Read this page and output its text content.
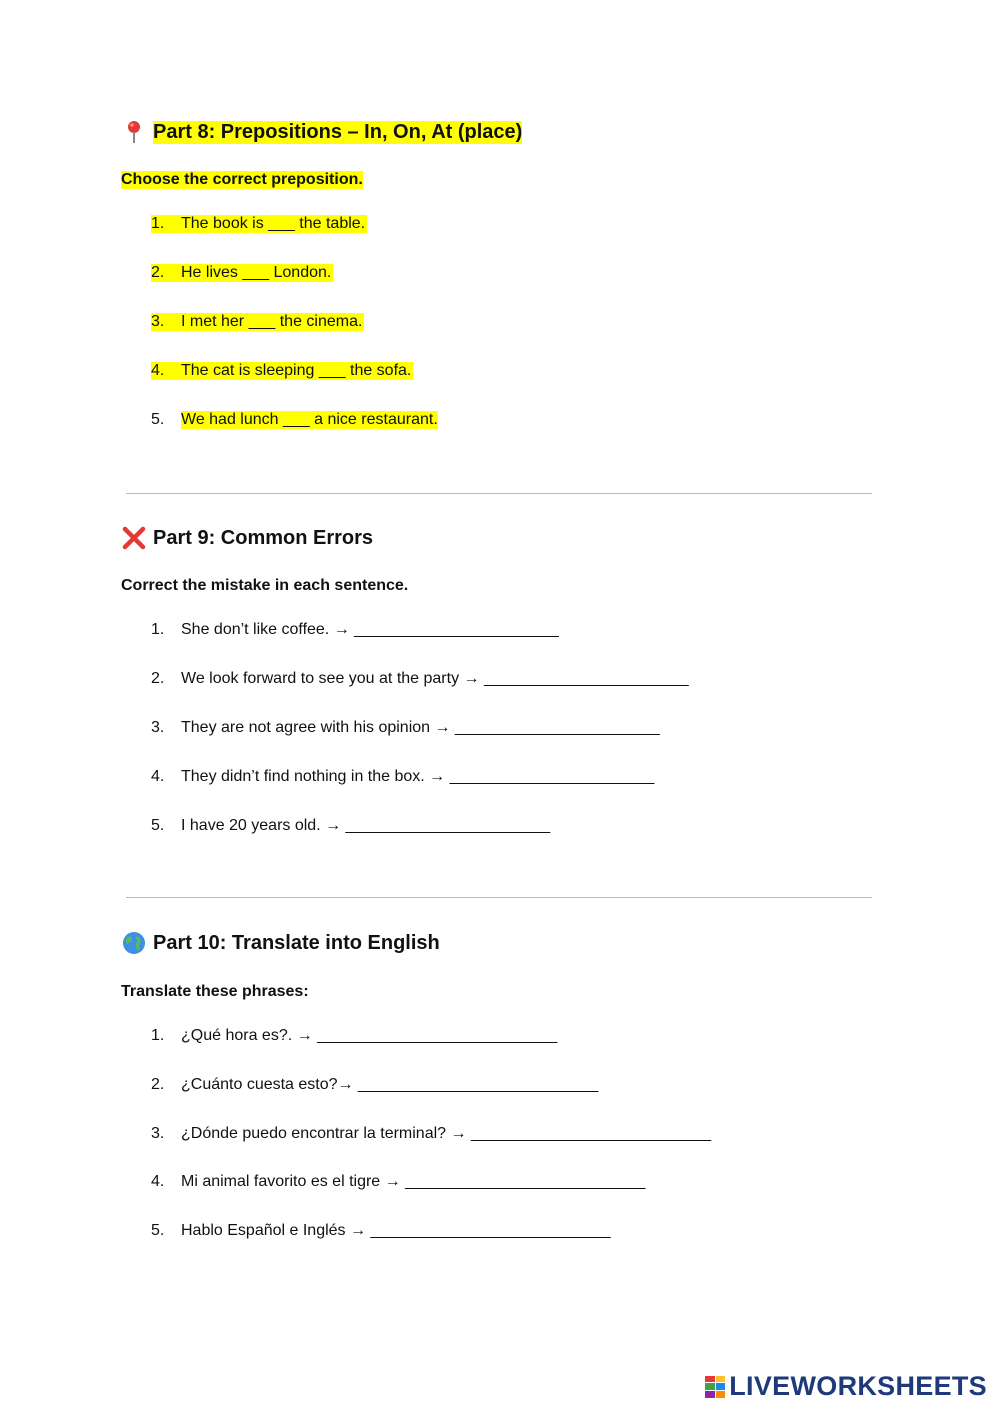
Part 8: Prepositions – In, On, At (place)
Choose the correct preposition.
1.	The book is ___ the table.
2.	He lives ___ London.
3.	I met her ___ the cinema.
4.	The cat is sleeping ___ the sofa.
5.	We had lunch ___ a nice restaurant.
Part 9: Common Errors
Correct the mistake in each sentence.
1.	She don’t like coffee. → _______________________
2.	We look forward to see you at the party → _______________________
3.	They are not agree with his opinion → _______________________
4.	They didn’t find nothing in the box. → _______________________
5.	I have 20 years old. → _______________________
Part 10: Translate into English
Translate these phrases:
1.	¿Qué hora es?. → ___________________________
2.	¿Cuánto cuesta esto?→ ___________________________
3.	¿Dónde puedo encontrar la terminal? → ___________________________
4.	Mi animal favorito es el tigre → ___________________________
5.	Hablo Español e Inglés → ___________________________
LIVEWORKSHEETS
